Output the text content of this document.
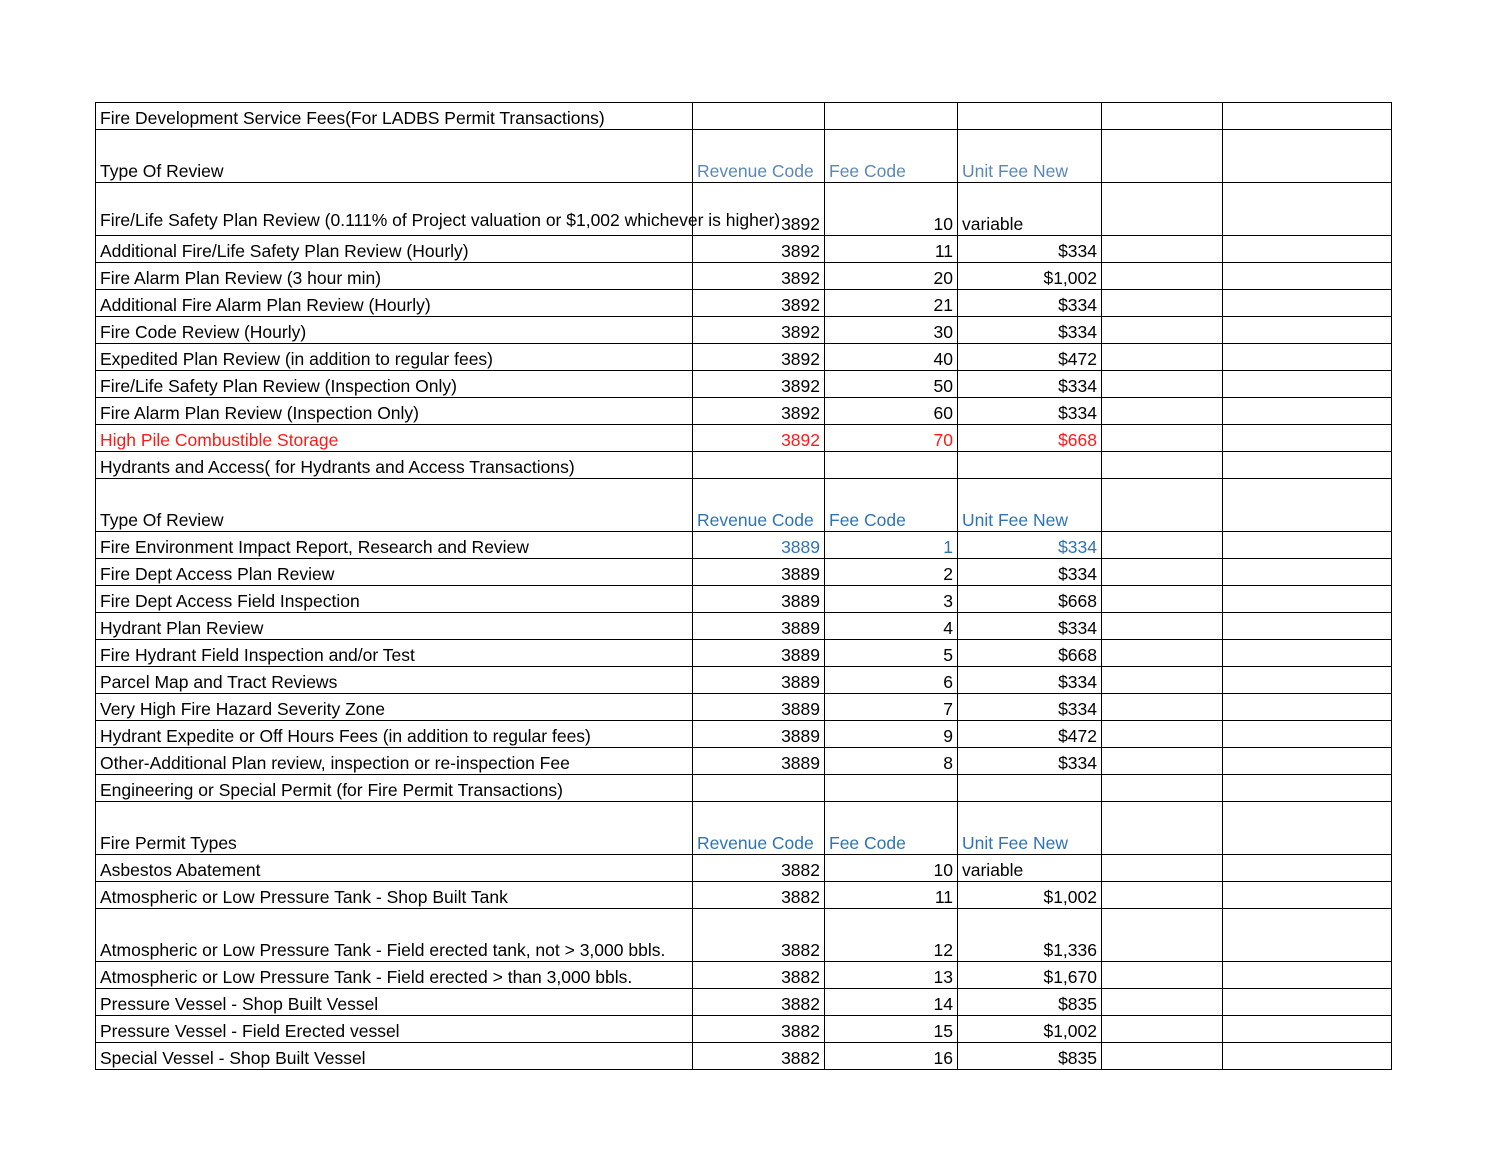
Fire Development Service Fees(For LADBS Permit Transactions)					
Type Of Review	Revenue Code	Fee Code	Unit Fee New		
Fire/Life Safety Plan Review (0.111% of Project valuation or $1,002 whichever is higher)	3892	10	variable		
Additional Fire/Life Safety Plan Review (Hourly)	3892	11	$334		
Fire Alarm Plan Review (3 hour min)	3892	20	$1,002		
Additional Fire Alarm Plan Review (Hourly)	3892	21	$334		
Fire Code Review (Hourly)	3892	30	$334		
Expedited Plan Review (in addition to regular fees)	3892	40	$472		
Fire/Life Safety Plan Review (Inspection Only)	3892	50	$334		
Fire Alarm Plan Review (Inspection Only)	3892	60	$334		
High Pile Combustible Storage	3892	70	$668		
Hydrants and Access( for Hydrants and Access Transactions)					
Type Of Review	Revenue Code	Fee Code	Unit Fee New		
Fire Environment Impact Report, Research and Review	3889	1	$334		
Fire Dept Access Plan Review	3889	2	$334		
Fire Dept Access Field Inspection	3889	3	$668		
Hydrant Plan Review	3889	4	$334		
Fire Hydrant Field Inspection and/or Test	3889	5	$668		
Parcel Map and Tract Reviews	3889	6	$334		
Very High Fire Hazard Severity Zone	3889	7	$334		
Hydrant Expedite or Off Hours Fees (in addition to regular fees)	3889	9	$472		
Other-Additional Plan review, inspection or re-inspection Fee	3889	8	$334		
Engineering or Special Permit (for Fire Permit Transactions)					
Fire Permit Types	Revenue Code	Fee Code	Unit Fee New		
Asbestos Abatement	3882	10	variable		
Atmospheric or Low Pressure Tank - Shop Built Tank	3882	11	$1,002		
Atmospheric or Low Pressure Tank - Field erected tank, not > 3,000 bbls.	3882	12	$1,336		
Atmospheric or Low Pressure Tank - Field erected > than 3,000 bbls.	3882	13	$1,670		
Pressure Vessel - Shop Built Vessel	3882	14	$835		
Pressure Vessel - Field Erected vessel	3882	15	$1,002		
Special Vessel - Shop Built Vessel	3882	16	$835		
